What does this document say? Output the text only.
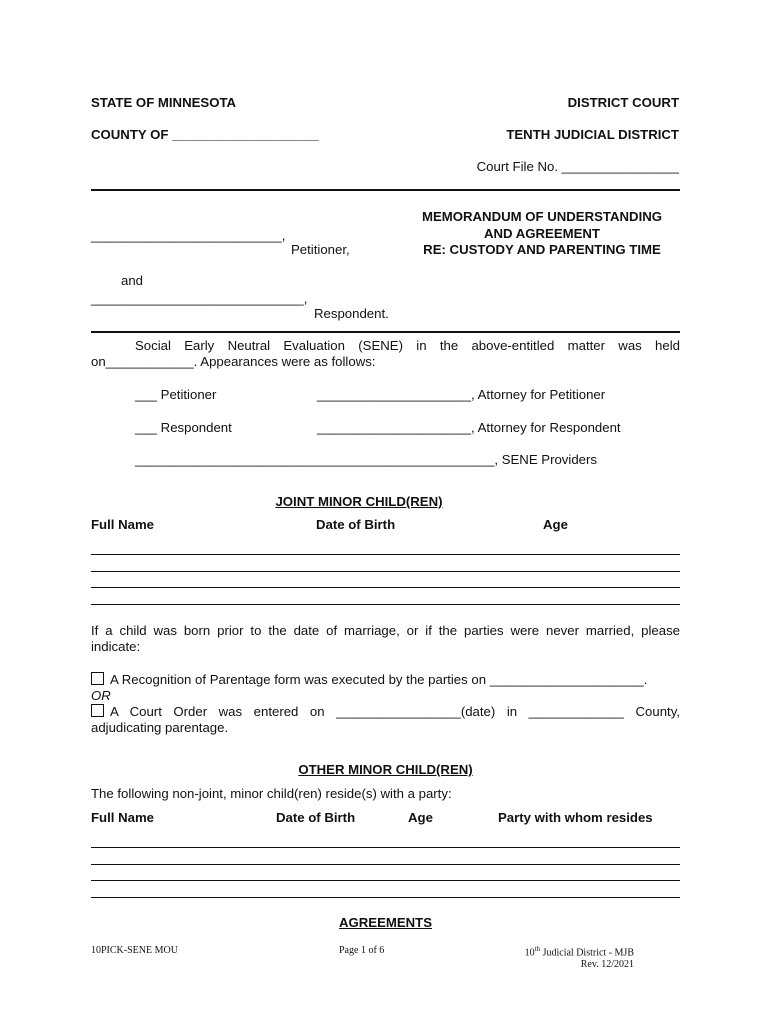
STATE OF MINNESOTA	DISTRICT COURT
COUNTY OF ____________________	TENTH JUDICIAL DISTRICT
Court File No. ________________
__________________________,
Petitioner,
and
_____________________________,
Respondent.
MEMORANDUM OF UNDERSTANDING
AND AGREEMENT
RE: CUSTODY AND PARENTING TIME
Social Early Neutral Evaluation (SENE) in the above-entitled matter was held
on____________. Appearances were as follows:
___ Petitioner	_____________________, Attorney for Petitioner
___ Respondent	_____________________, Attorney for Respondent
_________________________________________________, SENE Providers
JOINT MINOR CHILD(REN)
Full Name	Date of Birth	Age
If a child was born prior to the date of marriage, or if the parties were never married, please
indicate:
A Recognition of Parentage form was executed by the parties on _____________________.
OR
A Court Order was entered on _________________(date) in _____________ County,
adjudicating parentage.
OTHER MINOR CHILD(REN)
The following non-joint, minor child(ren) reside(s) with a party:
Full Name	Date of Birth	Age	Party with whom resides
AGREEMENTS
10PICK-SENE MOU	Page 1 of 6	10th Judicial District - MJB
Rev. 12/2021
